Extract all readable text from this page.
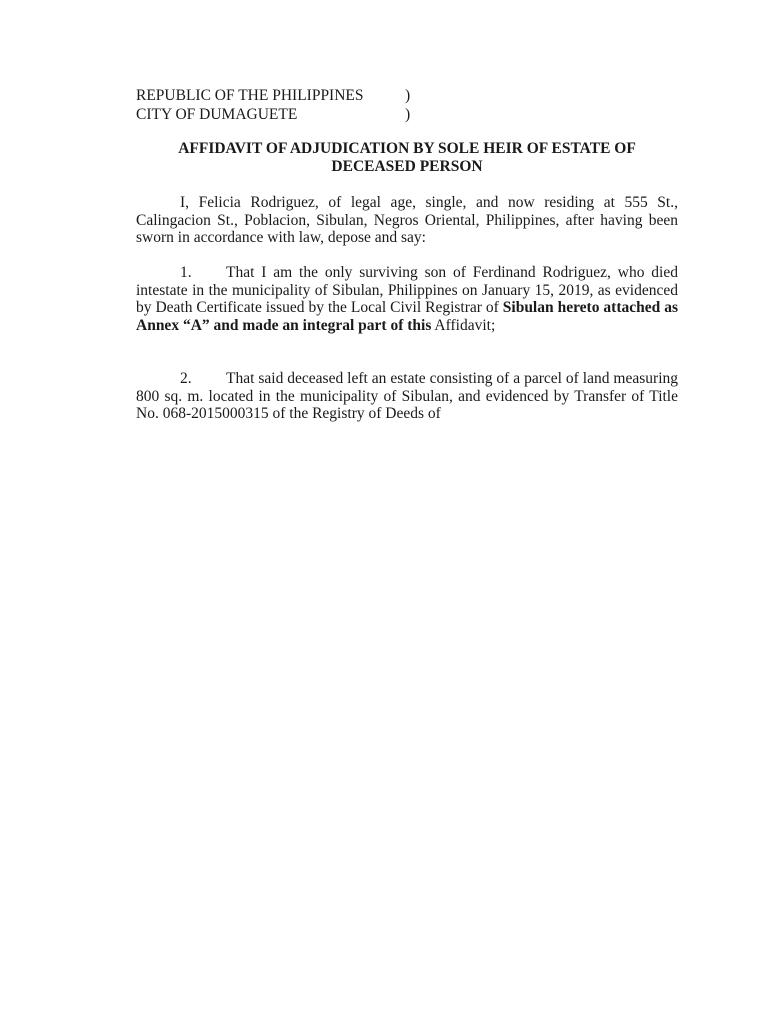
REPUBLIC OF THE PHILIPPINES	)
CITY OF DUMAGUETE	)
AFFIDAVIT OF ADJUDICATION BY SOLE HEIR OF ESTATE OF DECEASED PERSON
I, Felicia Rodriguez, of legal age, single, and now residing at 555 St., Calingacion St., Poblacion, Sibulan, Negros Oriental, Philippines, after having been sworn in accordance with law, depose and say:
1. That I am the only surviving son of Ferdinand Rodriguez, who died intestate in the municipality of Sibulan, Philippines on January 15, 2019, as evidenced by Death Certificate issued by the Local Civil Registrar of Sibulan hereto attached as Annex “A” and made an integral part of this Affidavit;
2. That said deceased left an estate consisting of a parcel of land measuring 800 sq. m. located in the municipality of Sibulan, and evidenced by Transfer of Title No. 068-2015000315 of the Registry of Deeds of
